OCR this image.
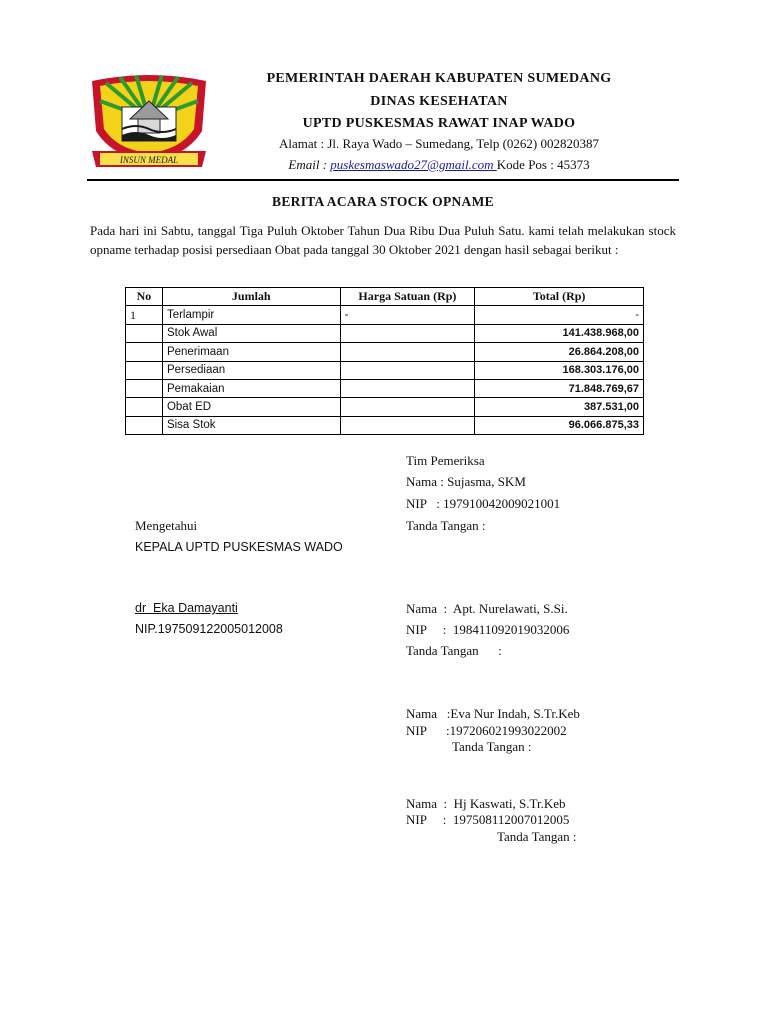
INSUN MEDAL
PEMERINTAH DAERAH KABUPATEN SUMEDANG
DINAS KESEHATAN
UPTD PUSKESMAS RAWAT INAP WADO
Alamat : Jl. Raya Wado – Sumedang, Telp (0262) 002820387
Email : puskesmaswado27@gmail.com Kode Pos : 45373
BERITA ACARA STOCK OPNAME
Pada hari ini Sabtu, tanggal Tiga Puluh Oktober Tahun Dua Ribu Dua Puluh Satu. kami telah melakukan stock opname terhadap posisi persediaan Obat pada tanggal 30 Oktober 2021 dengan hasil sebagai berikut :
No	Jumlah	Harga Satuan (Rp)	Total (Rp)
1	Terlampir	-	-
	Stok Awal		141.438.968,00
	Penerimaan		26.864.208,00
	Persediaan		168.303.176,00
	Pemakaian		71.848.769,67
	Obat ED		387.531,00
	Sisa Stok		96.066.875,33
Tim Pemeriksa
Nama : Sujasma, SKM
NIP   : 197910042009021001
Tanda Tangan :
Mengetahui
KEPALA UPTD PUSKESMAS WADO
dr  Eka Damayanti
NIP.197509122005012008
Nama  :  Apt. Nurelawati, S.Si.
NIP     :  198411092019032006
Tanda Tangan      :
Nama   :Eva Nur Indah, S.Tr.Keb
NIP      :197206021993022002
Tanda Tangan :
Nama  :  Hj Kaswati, S.Tr.Keb
NIP     :  197508112007012005
Tanda Tangan :
